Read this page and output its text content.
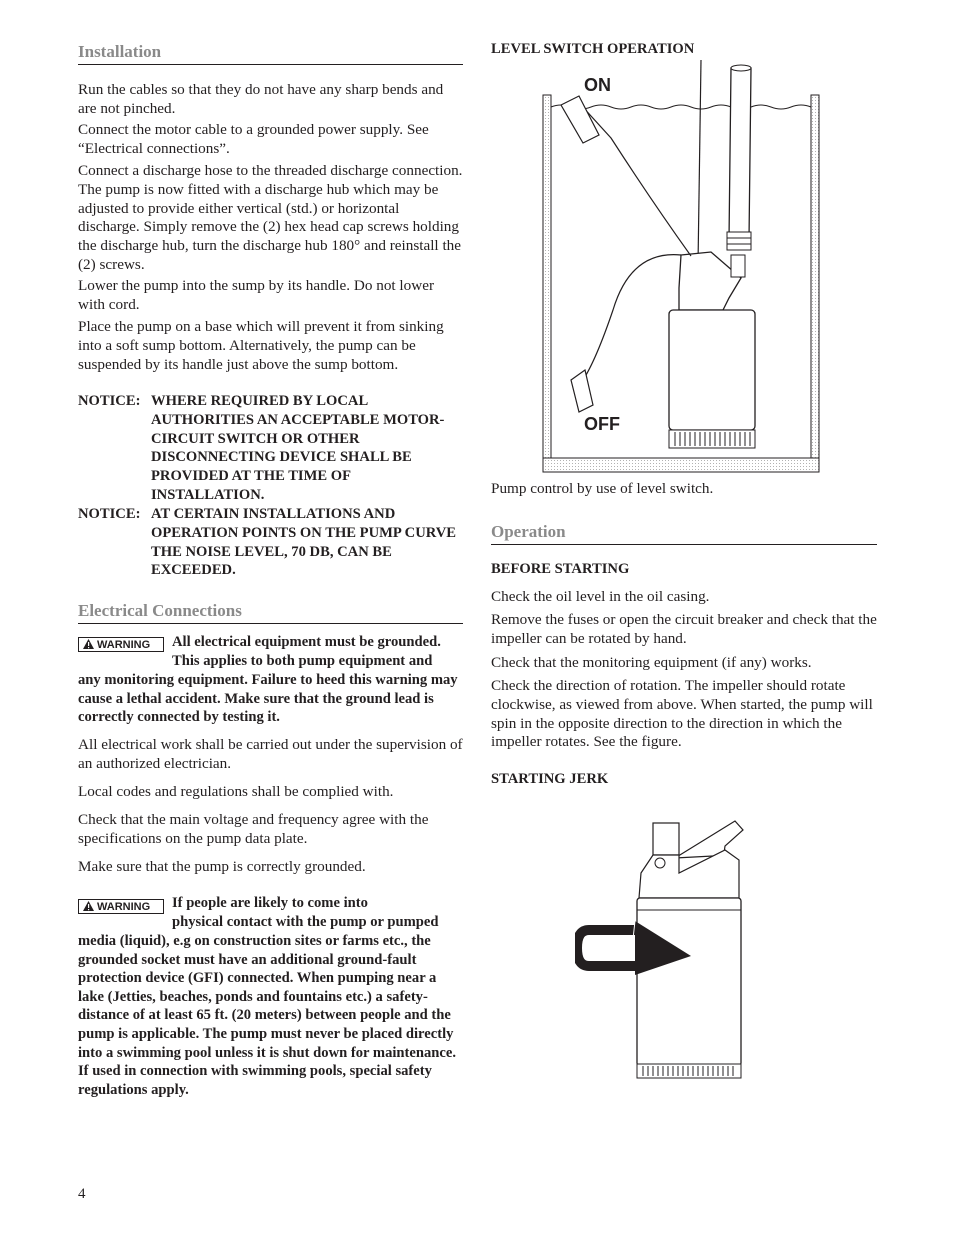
Installation

Run the cables so that they do not have any sharp bends and are not pinched.

Connect the motor cable to a grounded power supply. See “Electrical connections”.

Connect a discharge hose to the threaded discharge connection. The pump is now fitted with a discharge hub which may be adjusted to provide either vertical (std.) or horizontal discharge. Simply remove the (2) hex head cap screws holding the discharge hub, turn the discharge hub 180° and reinstall the (2) screws.

Lower the pump into the sump by its handle. Do not lower with cord.

Place the pump on a base which will prevent it from sinking into a soft sump bottom. Alternatively, the pump can be suspended by its handle just above the sump bottom.

NOTICE: WHERE REQUIRED BY LOCAL AUTHORITIES AN ACCEPTABLE MOTOR-CIRCUIT SWITCH OR OTHER DISCONNECTING DEVICE SHALL BE PROVIDED AT THE TIME OF INSTALLATION.
NOTICE: AT CERTAIN INSTALLATIONS AND OPERATION POINTS ON THE PUMP CURVE THE NOISE LEVEL, 70 DB, CAN BE EXCEEDED.
Electrical Connections
WARNING	All electrical equipment must be grounded.
This applies to both pump equipment and
any monitoring equipment. Failure to heed this warning may cause a lethal accident. Make sure that the ground lead is correctly connected by testing it.

All electrical work shall be carried out under the supervision of an authorized electrician.

Local codes and regulations shall be complied with.

Check that the main voltage and frequency agree with the specifications on the pump data plate.

Make sure that the pump is correctly grounded.

WARNING	If people are likely to come into
physical contact with the pump or pumped
media (liquid), e.g on construction sites or farms etc., the grounded socket must have an additional ground-fault protection device (GFI) connected. When pumping near a lake (Jetties, beaches, ponds and fountains etc.) a safety-distance of at least 65 ft. (20 meters) between people and the pump is applicable. The pump must never be placed directly into a swimming pool unless it is shut down for maintenance. If used in connection with swimming pools, special safety regulations apply.
LEVEL SWITCH OPERATION
ON
OFF

Pump control by use of level switch.

Operation
BEFORE STARTING

Check the oil level in the oil casing.

Remove the fuses or open the circuit breaker and check that the impeller can be rotated by hand.

Check that the monitoring equipment (if any) works.

Check the direction of rotation. The impeller should rotate clockwise, as viewed from above. When started, the pump will spin in the opposite direction to the direction in which the impeller rotates. See the figure.

STARTING JERK
4
